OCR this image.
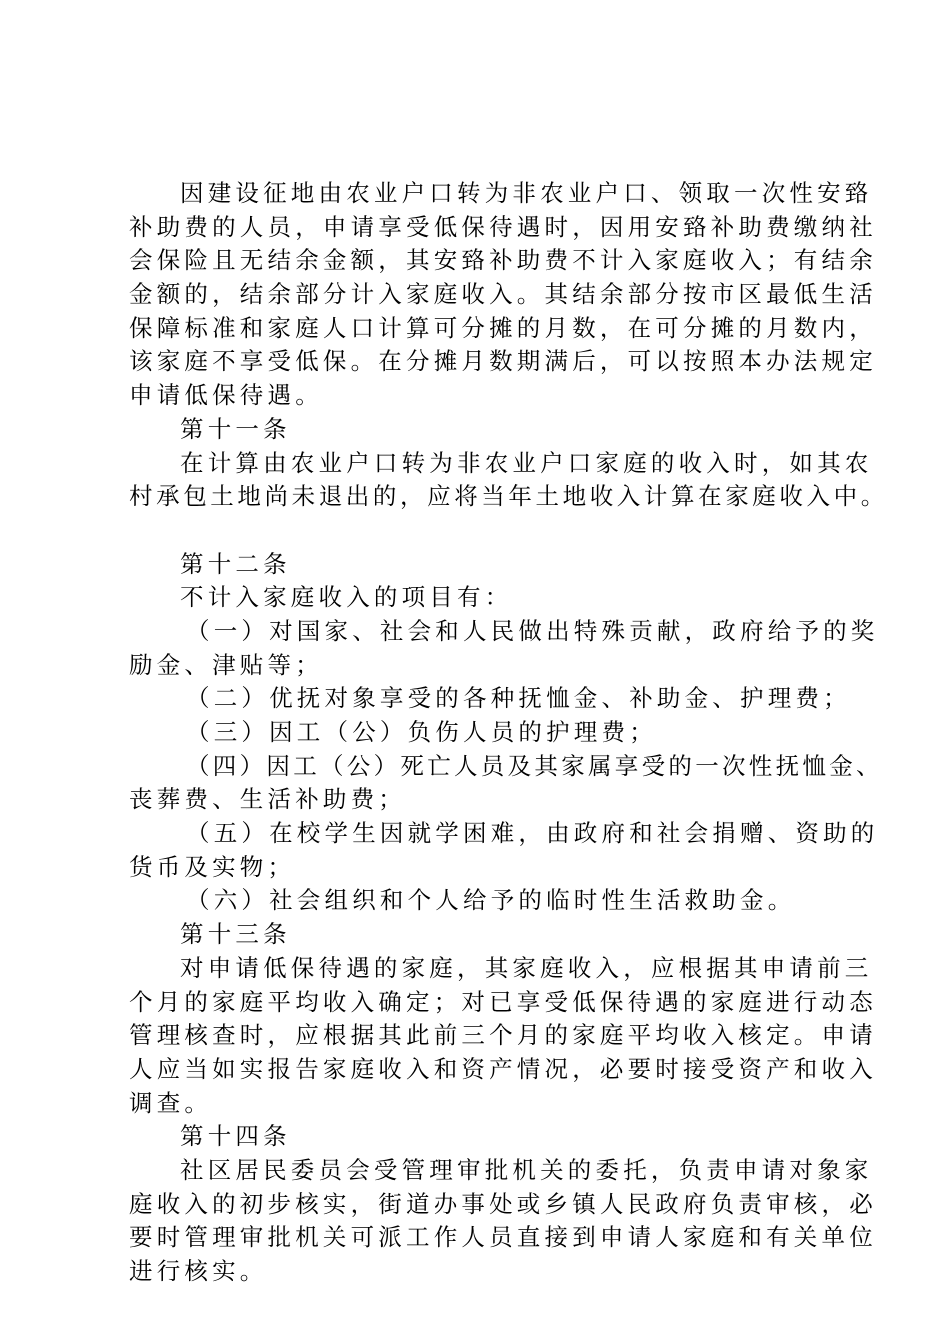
因建设征地由农业户口转为非农业户口、领取一次性安臵
补助费的人员，申请享受低保待遇时，因用安臵补助费缴纳社
会保险且无结余金额，其安臵补助费不计入家庭收入；有结余
金额的，结余部分计入家庭收入。其结余部分按市区最低生活
保障标准和家庭人口计算可分摊的月数，在可分摊的月数内，
该家庭不享受低保。在分摊月数期满后，可以按照本办法规定
申请低保待遇。
第十一条
在计算由农业户口转为非农业户口家庭的收入时，如其农
村承包土地尚未退出的，应将当年土地收入计算在家庭收入中。
第十二条
不计入家庭收入的项目有：
（一）对国家、社会和人民做出特殊贡献，政府给予的奖
励金、津贴等；
（二）优抚对象享受的各种抚恤金、补助金、护理费；
（三）因工（公）负伤人员的护理费；
（四）因工（公）死亡人员及其家属享受的一次性抚恤金、
丧葬费、生活补助费；
（五）在校学生因就学困难，由政府和社会捐赠、资助的
货币及实物；
（六）社会组织和个人给予的临时性生活救助金。
第十三条
对申请低保待遇的家庭，其家庭收入，应根据其申请前三
个月的家庭平均收入确定；对已享受低保待遇的家庭进行动态
管理核查时，应根据其此前三个月的家庭平均收入核定。申请
人应当如实报告家庭收入和资产情况，必要时接受资产和收入
调查。
第十四条
社区居民委员会受管理审批机关的委托，负责申请对象家
庭收入的初步核实，街道办事处或乡镇人民政府负责审核，必
要时管理审批机关可派工作人员直接到申请人家庭和有关单位
进行核实。
